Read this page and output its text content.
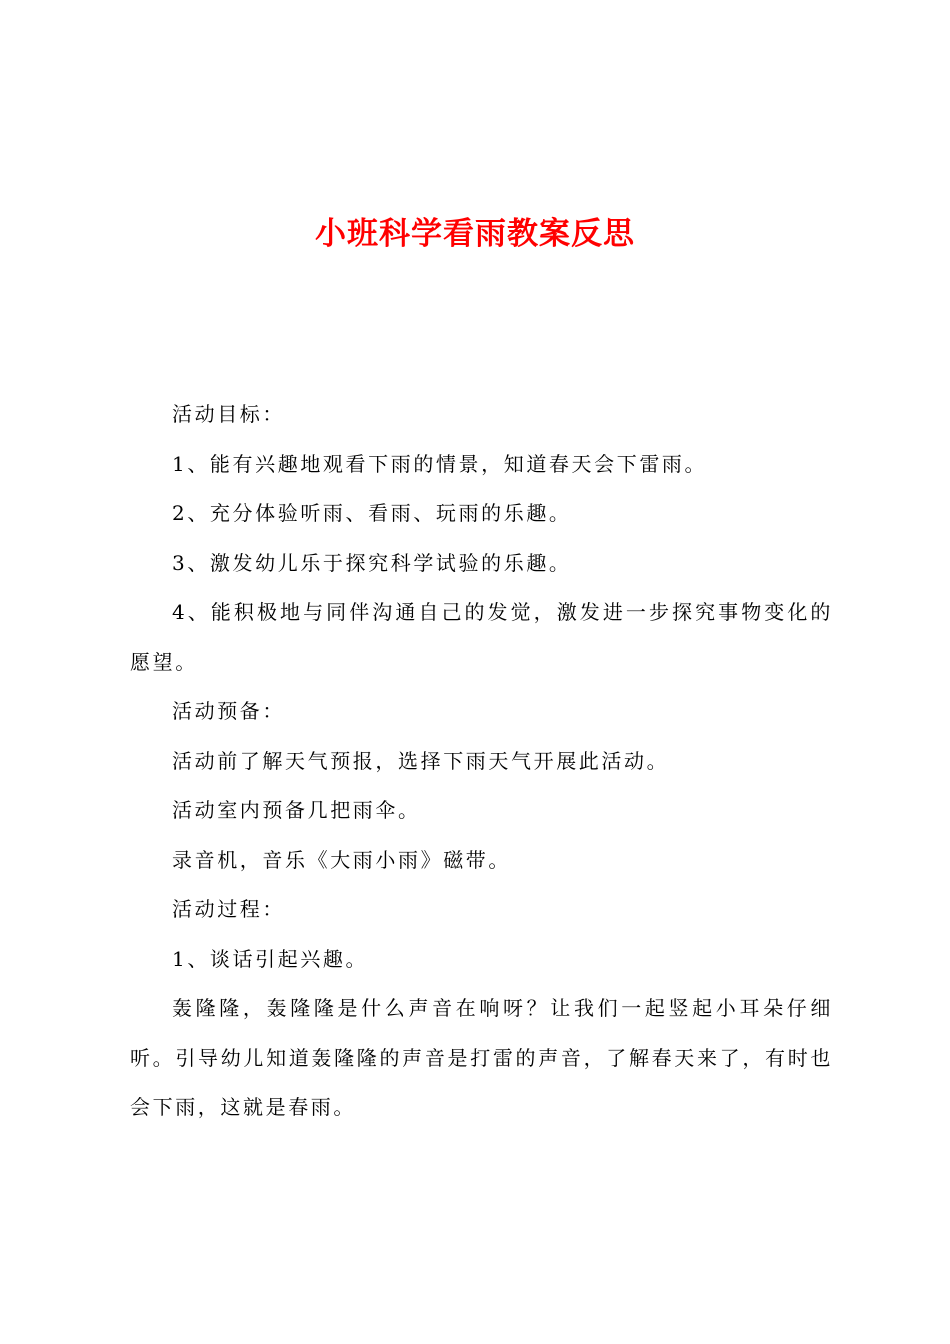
小班科学看雨教案反思

活动目标：

1、能有兴趣地观看下雨的情景，知道春天会下雷雨。

2、充分体验听雨、看雨、玩雨的乐趣。

3、激发幼儿乐于探究科学试验的乐趣。

4、能积极地与同伴沟通自己的发觉，激发进一步探究事物变化的愿望。

活动预备：

活动前了解天气预报，选择下雨天气开展此活动。

活动室内预备几把雨伞。

录音机，音乐《大雨小雨》磁带。

活动过程：

1、谈话引起兴趣。

轰隆隆，轰隆隆是什么声音在响呀？让我们一起竖起小耳朵仔细听。引导幼儿知道轰隆隆的声音是打雷的声音，了解春天来了，有时也会下雨，这就是春雨。
